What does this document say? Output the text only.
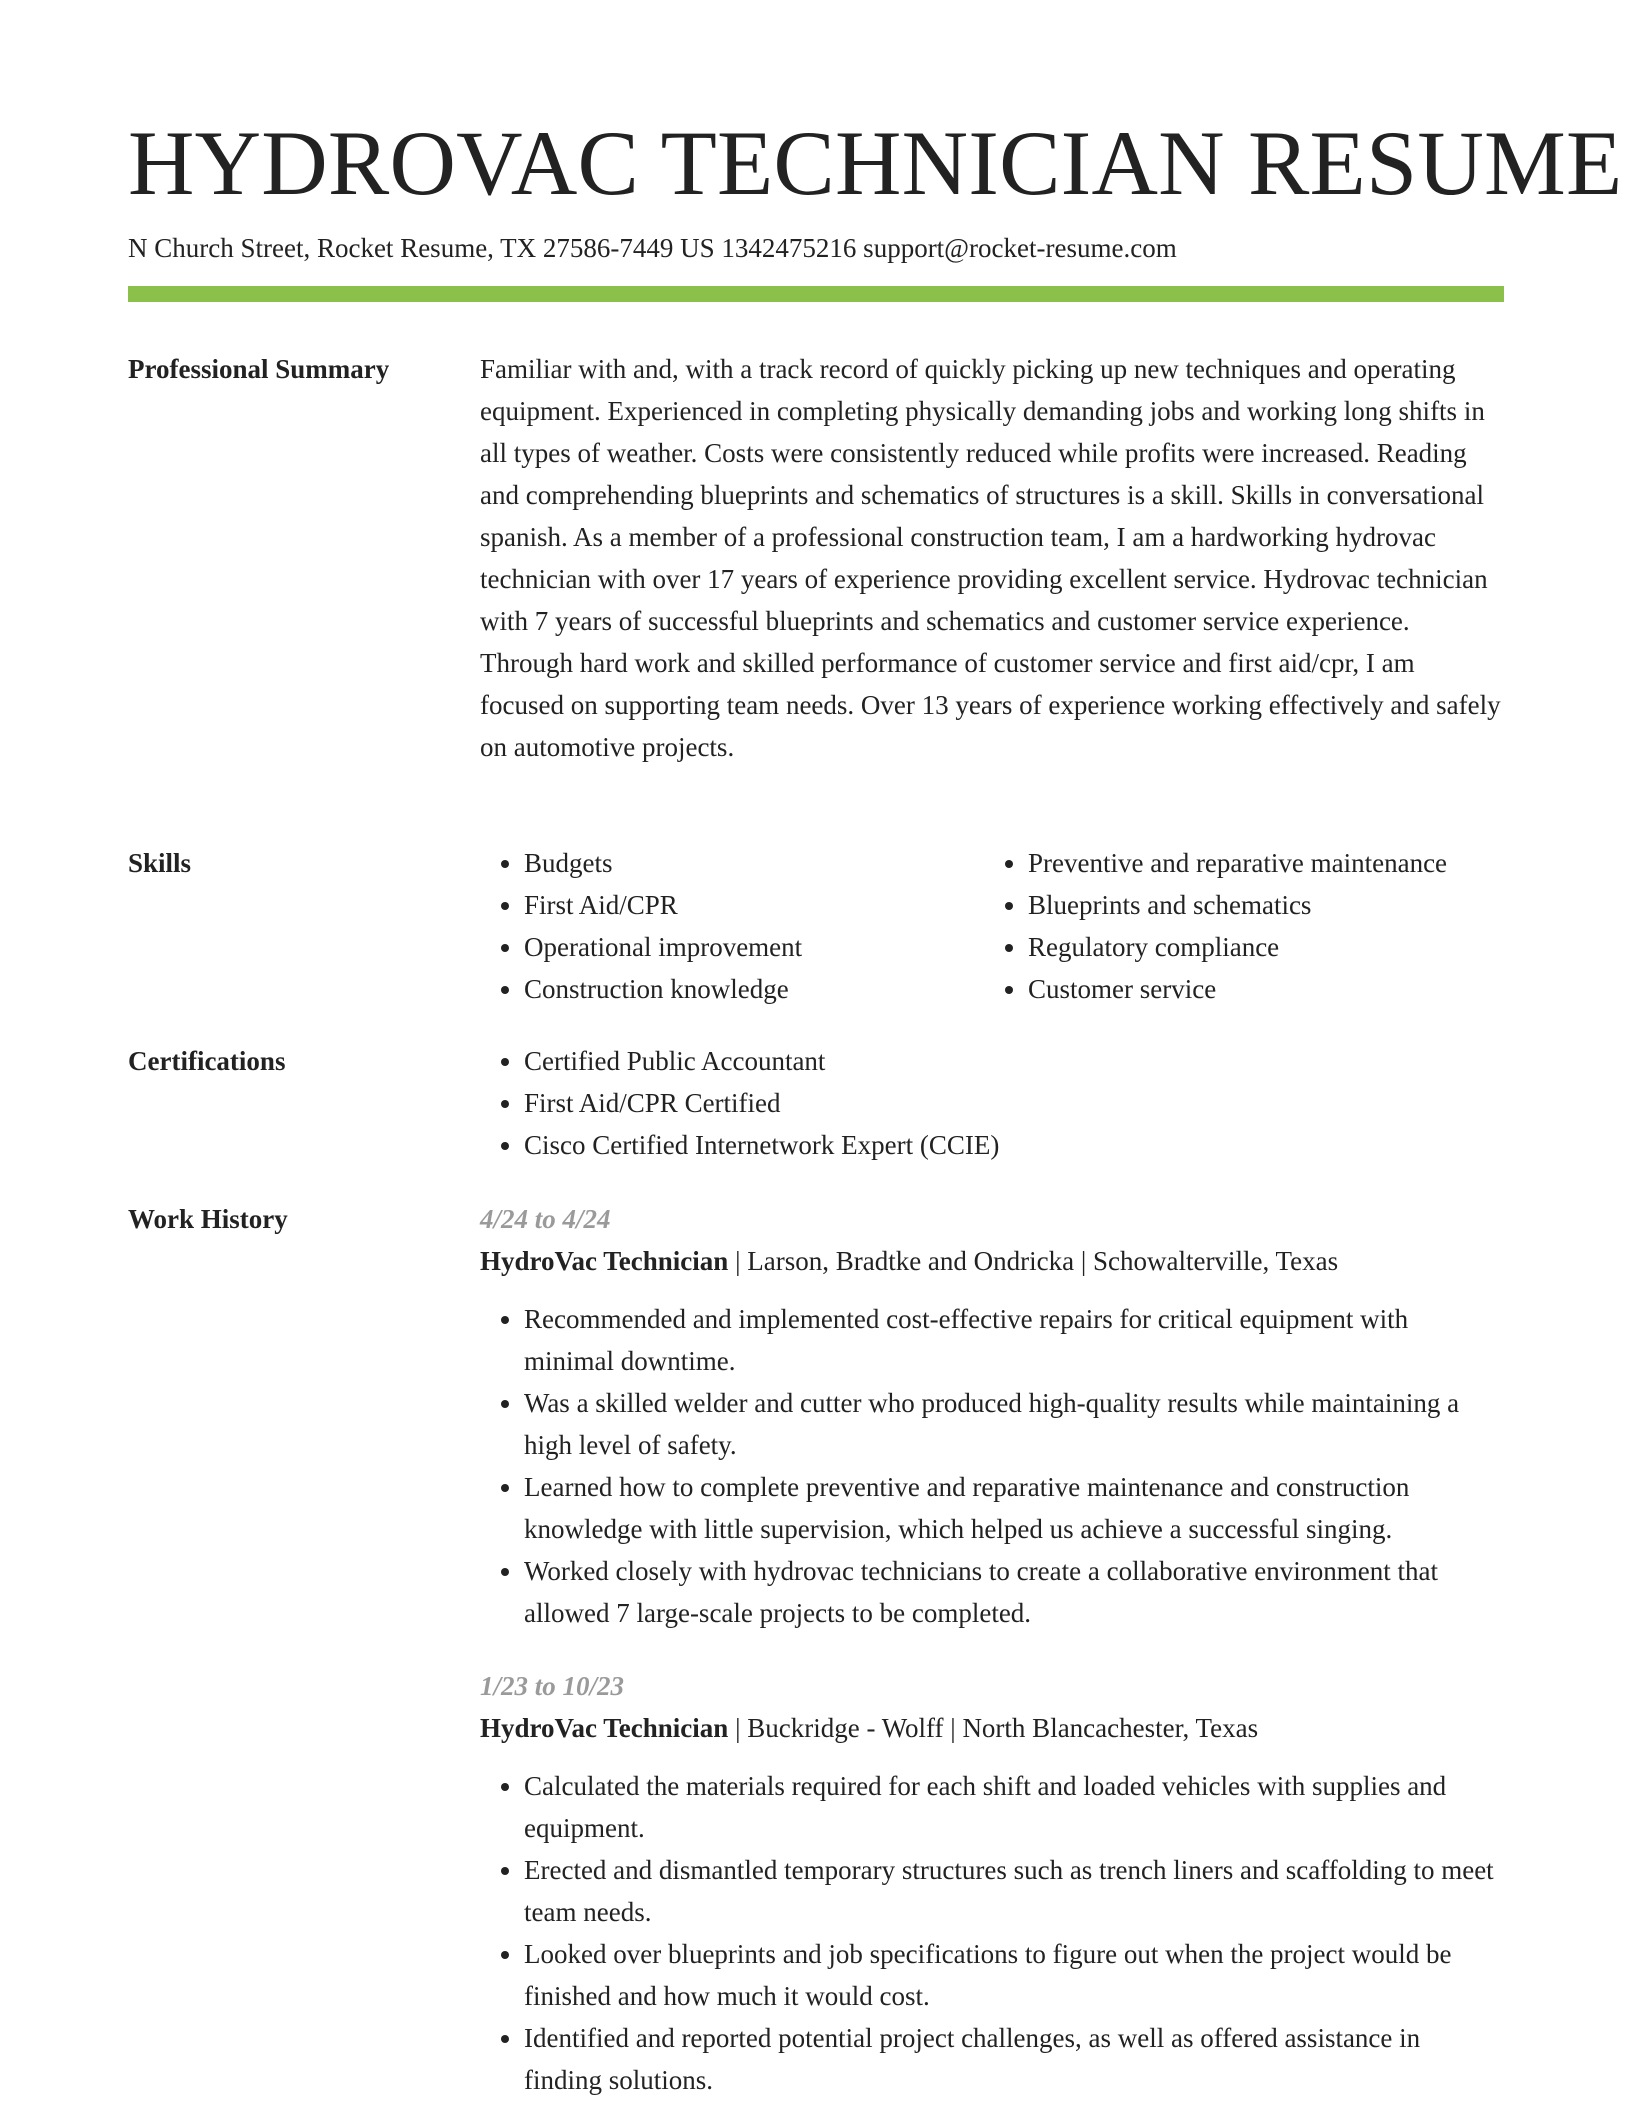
HYDROVAC TECHNICIAN RESUME
N Church Street, Rocket Resume, TX 27586-7449 US 1342475216 support@rocket-resume.com
Professional Summary	Familiar with and, with a track record of quickly picking up new techniques and operating equipment. Experienced in completing physically demanding jobs and working long shifts in all types of weather. Costs were consistently reduced while profits were increased. Reading and comprehending blueprints and schematics of structures is a skill. Skills in conversational spanish. As a member of a professional construction team, I am a hardworking hydrovac technician with over 17 years of experience providing excellent service. Hydrovac technician with 7 years of successful blueprints and schematics and customer service experience. Through hard work and skilled performance of customer service and first aid/cpr, I am focused on supporting team needs. Over 13 years of experience working effectively and safely on automotive projects.

Skills	• Budgets
• First Aid/CPR
• Operational improvement
• Construction knowledge
• Preventive and reparative maintenance
• Blueprints and schematics
• Regulatory compliance
• Customer service
Certifications	• Certified Public Accountant
• First Aid/CPR Certified
• Cisco Certified Internetwork Expert (CCIE)
Work History	4/24 to 4/24
HydroVac Technician | Larson, Bradtke and Ondricka | Schowalterville, Texas
• Recommended and implemented cost-effective repairs for critical equipment with minimal downtime.
• Was a skilled welder and cutter who produced high-quality results while maintaining a high level of safety.
• Learned how to complete preventive and reparative maintenance and construction knowledge with little supervision, which helped us achieve a successful singing.
• Worked closely with hydrovac technicians to create a collaborative environment that allowed 7 large-scale projects to be completed.
1/23 to 10/23
HydroVac Technician | Buckridge - Wolff | North Blancachester, Texas
• Calculated the materials required for each shift and loaded vehicles with supplies and equipment.
• Erected and dismantled temporary structures such as trench liners and scaffolding to meet team needs.
• Looked over blueprints and job specifications to figure out when the project would be finished and how much it would cost.
• Identified and reported potential project challenges, as well as offered assistance in finding solutions.
